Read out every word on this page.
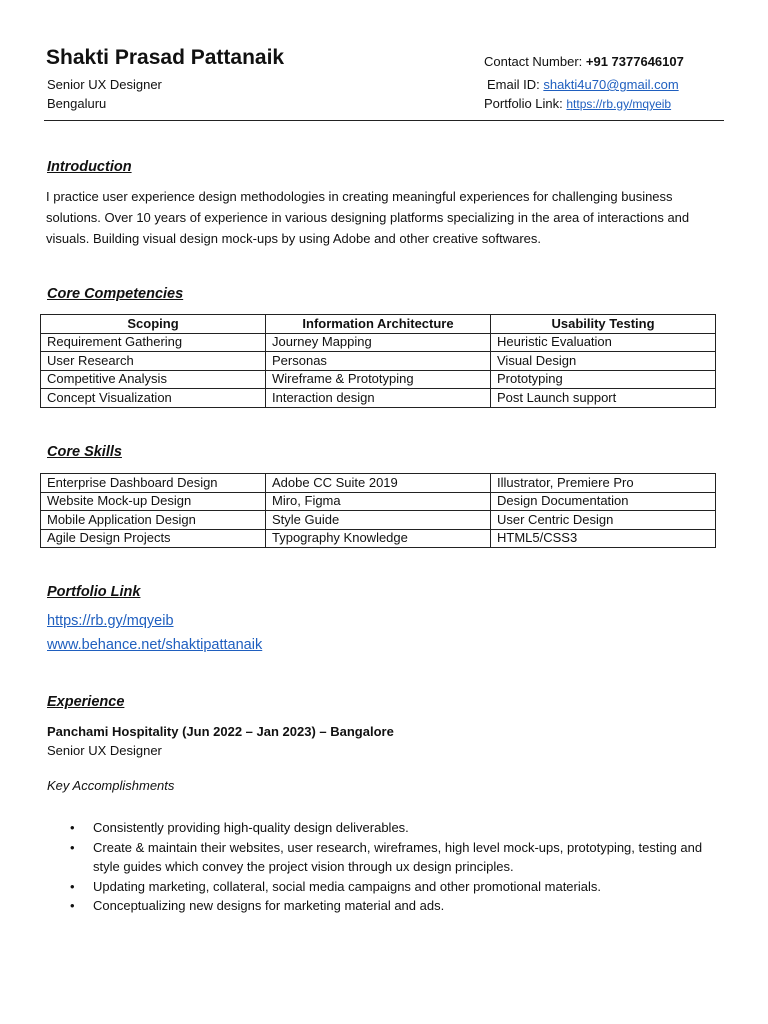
Shakti Prasad Pattanaik
Senior UX Designer
Bengaluru
Contact Number: +91 7377646107
Email ID: shakti4u70@gmail.com
Portfolio Link: https://rb.gy/mqyeib
Introduction
I practice user experience design methodologies in creating meaningful experiences for challenging business solutions. Over 10 years of experience in various designing platforms specializing in the area of interactions and visuals. Building visual design mock-ups by using Adobe and other creative softwares.
Core Competencies
Scoping	Information Architecture	Usability Testing
Requirement Gathering	Journey Mapping	Heuristic Evaluation
User Research	Personas	Visual Design
Competitive Analysis	Wireframe & Prototyping	Prototyping
Concept Visualization	Interaction design	Post Launch support
Core Skills
Enterprise Dashboard Design	Adobe CC Suite 2019	Illustrator, Premiere Pro
Website Mock-up Design	Miro, Figma	Design Documentation
Mobile Application Design	Style Guide	User Centric Design
Agile Design Projects	Typography Knowledge	HTML5/CSS3
Portfolio Link
https://rb.gy/mqyeib
www.behance.net/shaktipattanaik
Experience
Panchami Hospitality (Jun 2022 – Jan 2023) – Bangalore
Senior UX Designer
Key Accomplishments
• Consistently providing high-quality design deliverables.
• Create & maintain their websites, user research, wireframes, high level mock-ups, prototyping, testing and style guides which convey the project vision through ux design principles.
• Updating marketing, collateral, social media campaigns and other promotional materials.
• Conceptualizing new designs for marketing material and ads.
